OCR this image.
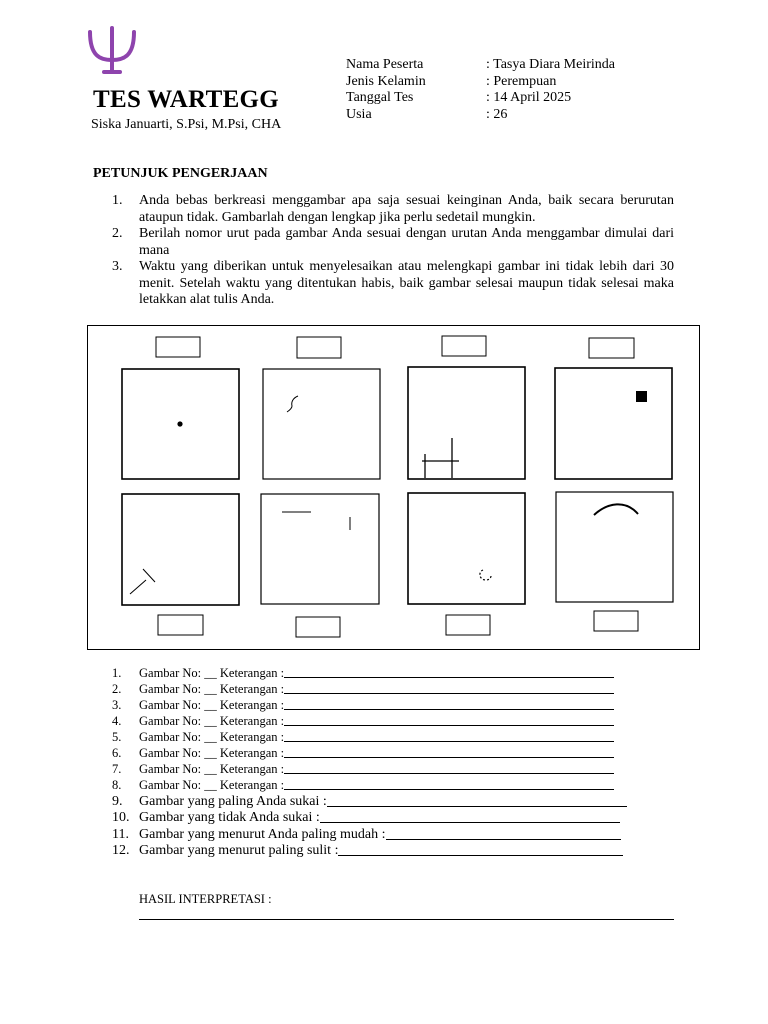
TES WARTEGG
Siska Januarti, S.Psi, M.Psi, CHA
Nama Peserta	: Tasya Diara Meirinda
Jenis Kelamin	: Perempuan
Tanggal Tes	: 14 April 2025
Usia	: 26
PETUNJUK PENGERJAAN
1.	Anda bebas berkreasi menggambar apa saja sesuai keinginan Anda, baik secara berurutan ataupun tidak. Gambarlah dengan lengkap jika perlu sedetail mungkin.
2.	Berilah nomor urut pada gambar Anda sesuai dengan urutan Anda menggambar dimulai dari mana
3.	Waktu yang diberikan untuk menyelesaikan atau melengkapi gambar ini tidak lebih dari 30 menit. Setelah waktu yang ditentukan habis, baik gambar selesai maupun tidak selesai maka letakkan alat tulis Anda.
1.	Gambar No: __ Keterangan :
2.	Gambar No: __ Keterangan :
3.	Gambar No: __ Keterangan :
4.	Gambar No: __ Keterangan :
5.	Gambar No: __ Keterangan :
6.	Gambar No: __ Keterangan :
7.	Gambar No: __ Keterangan :
8.	Gambar No: __ Keterangan :
9.	Gambar yang paling Anda sukai :
10. Gambar yang tidak Anda sukai :
11. Gambar yang menurut Anda paling mudah :
12. Gambar yang menurut paling sulit :
HASIL INTERPRETASI :
